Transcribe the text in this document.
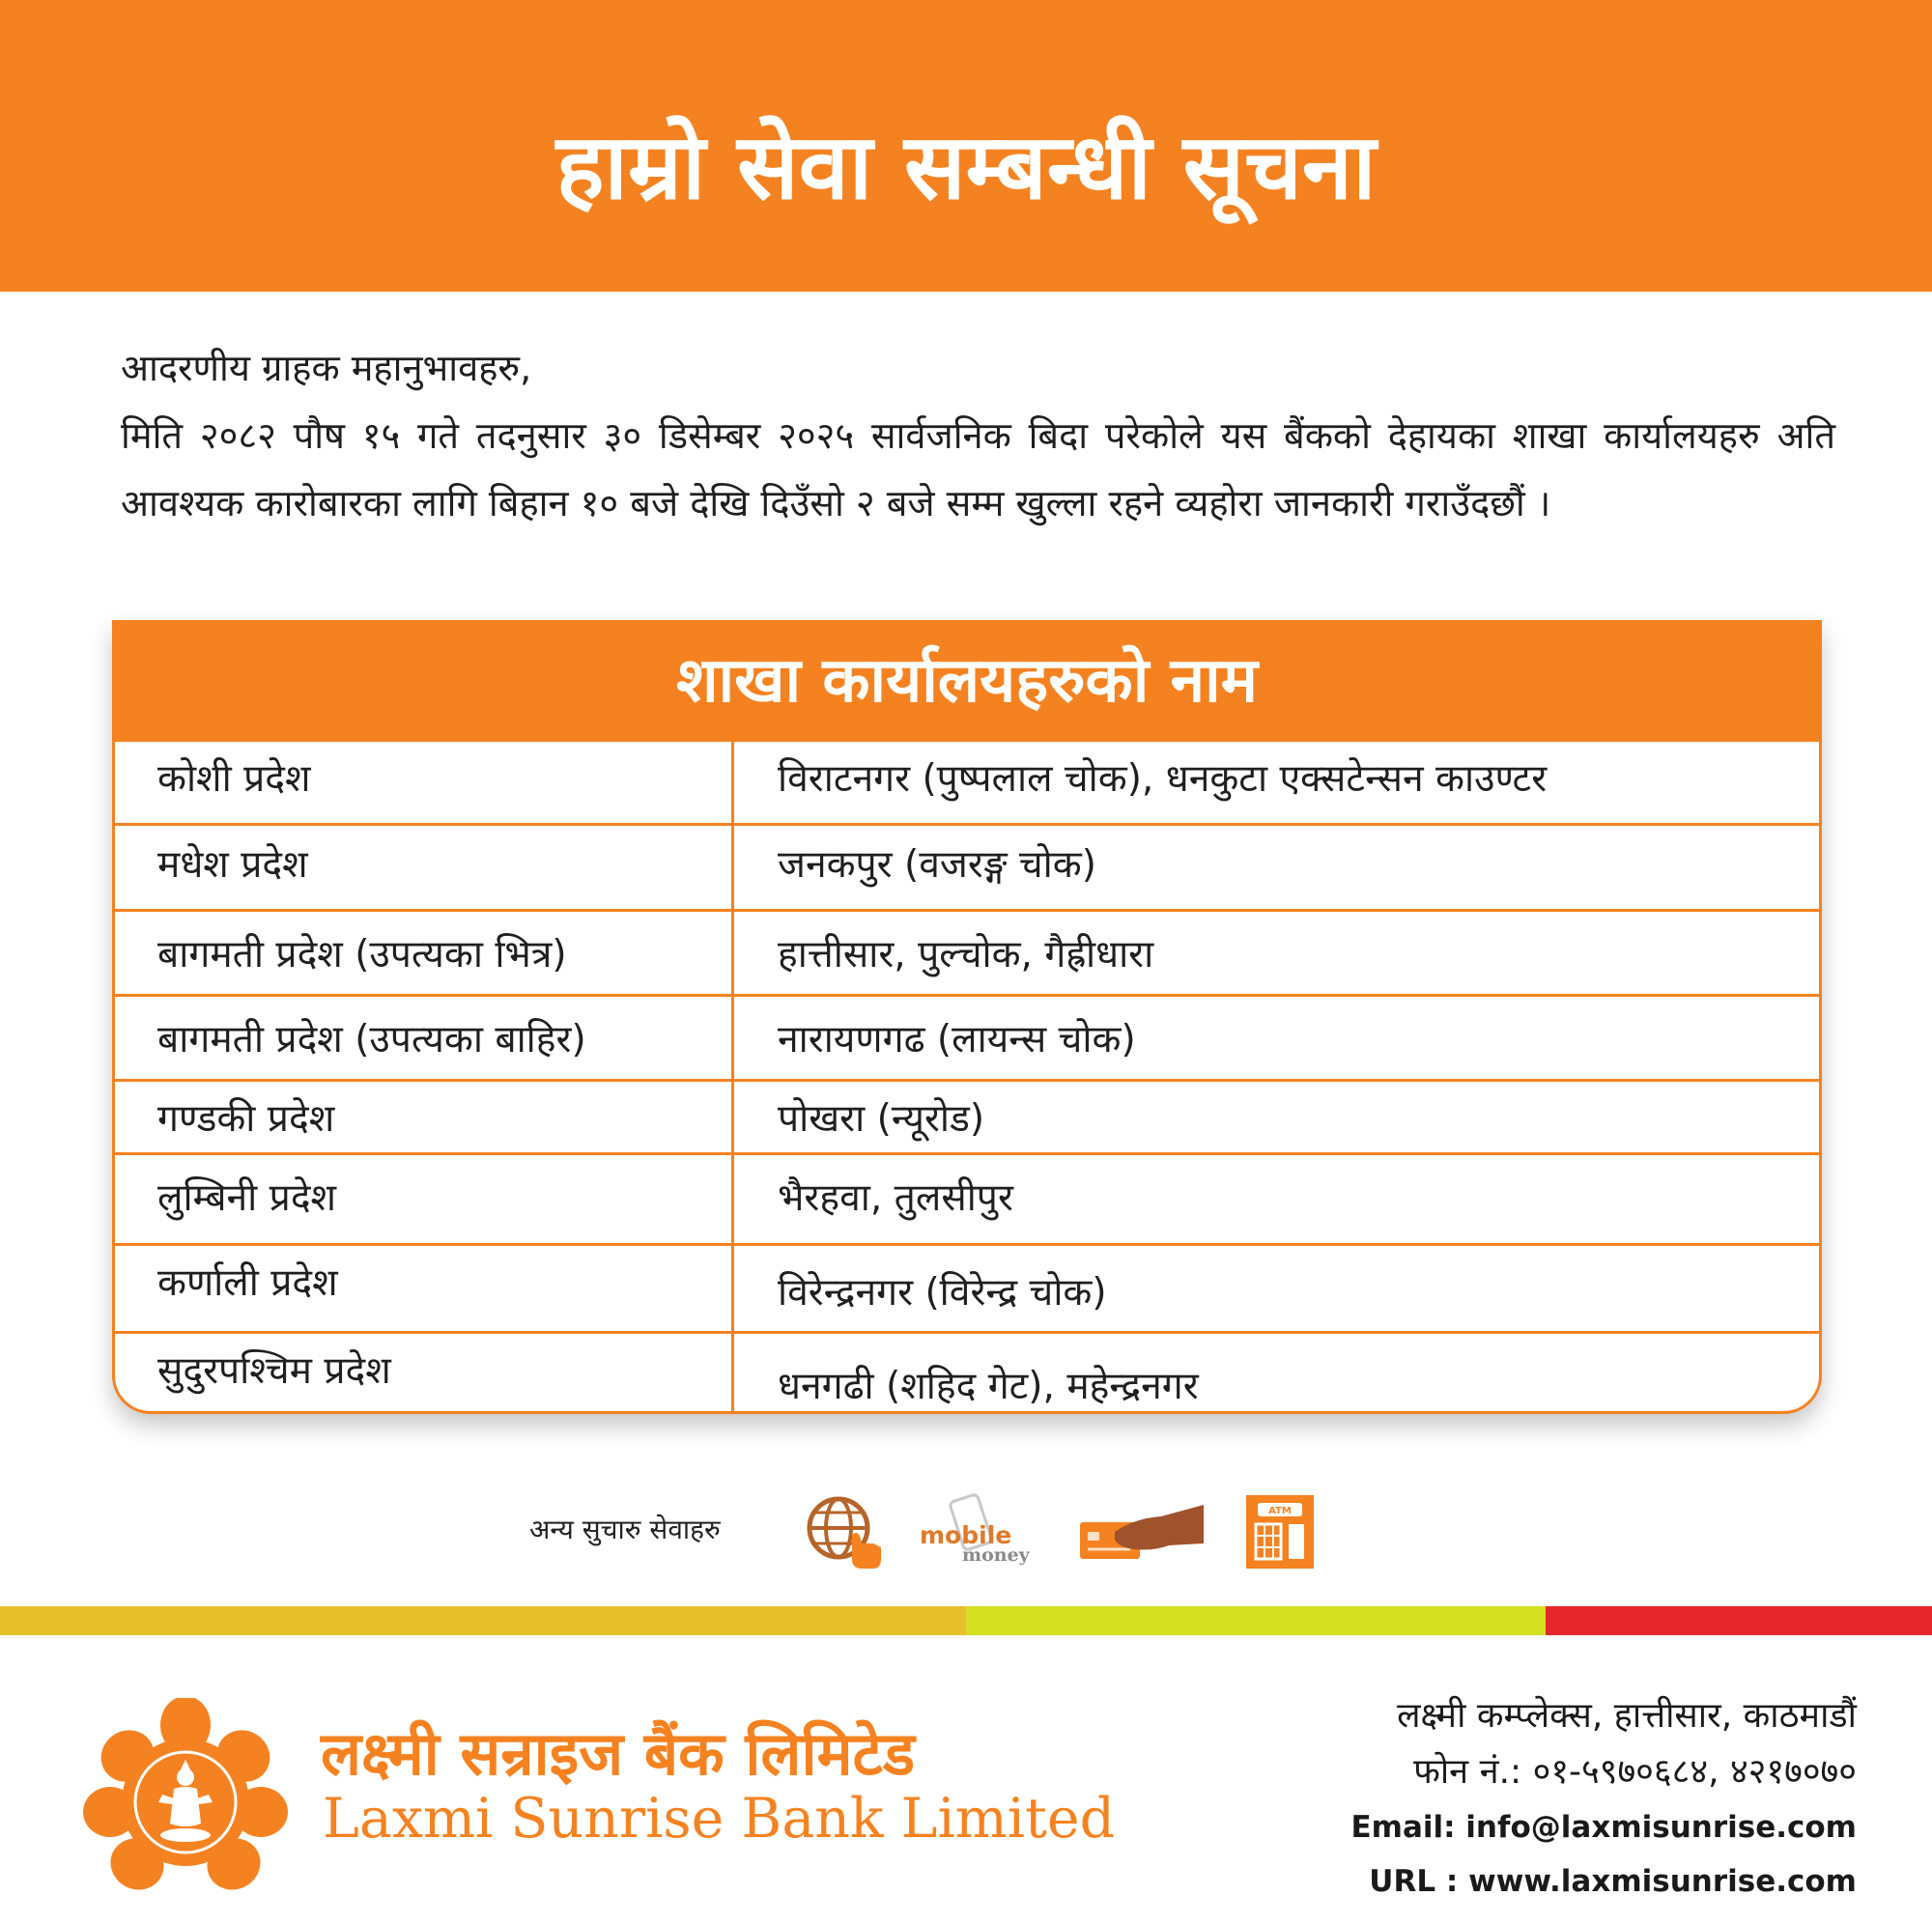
हाम्रो सेवा सम्बन्धी सूचना
आदरणीय ग्राहक महानुभावहरु,
मिति २०८२ पौष १५ गते तदनुसार ३० डिसेम्बर २०२५ सार्वजनिक बिदा परेकोले यस बैंकको देहायका शाखा कार्यालयहरु अति आवश्यक कारोबारका लागि बिहान १० बजे देखि दिउँसो २ बजे सम्म खुल्ला रहने व्यहोरा जानकारी गराउँदछौं ।
शाखा कार्यालयहरुको नाम
कोशी प्रदेश	विराटनगर (पुष्पलाल चोक), धनकुटा एक्सटेन्सन काउण्टर
मधेश प्रदेश	जनकपुर (वजरङ्ग चोक)
बागमती प्रदेश (उपत्यका भित्र)	हात्तीसार, पुल्चोक, गैह्रीधारा
बागमती प्रदेश (उपत्यका बाहिर)	नारायणगढ (लायन्स चोक)
गण्डकी प्रदेश	पोखरा (न्यूरोड)
लुम्बिनी प्रदेश	भैरहवा, तुलसीपुर
कर्णाली प्रदेश	विरेन्द्रनगर (विरेन्द्र चोक)
सुदुरपश्चिम प्रदेश	धनगढी (शहिद गेट), महेन्द्रनगर
अन्य सुचारु सेवाहरु	mobile
money
ATM
लक्ष्मी सन्राइज बैंक लिमिटेड
Laxmi Sunrise Bank Limited
लक्ष्मी कम्प्लेक्स, हात्तीसार, काठमाडौं
फोन नं.: ०१-५९७०६८४, ४२१७०७०
Email: info@laxmisunrise.com
URL : www.laxmisunrise.com
